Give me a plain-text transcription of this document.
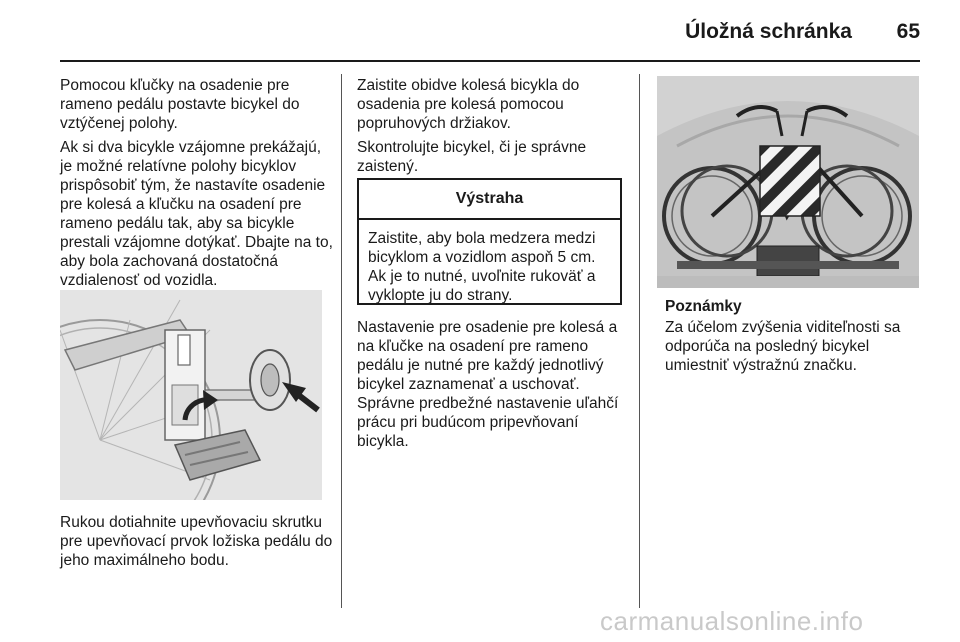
Úložná schránka 65

Pomocou kľučky na osadenie pre rameno pedálu postavte bicykel do vztýčenej polohy.

Ak si dva bicykle vzájomne prekážajú, je možné relatívne polohy bicyklov prispôsobiť tým, že nastavíte osadenie pre kolesá a kľučku na osadení pre rameno pedálu tak, aby sa bicykle prestali vzájomne dotýkať. Dbajte na to, aby bola zachovaná dostatočná vzdialenosť od vozidla.

Rukou dotiahnite upevňovaciu skrutku pre upevňovací prvok ložiska pedálu do jeho maximálneho bodu.

Zaistite obidve kolesá bicykla do osadenia pre kolesá pomocou popruhových držiakov.

Skontrolujte bicykel, či je správne zaistený.

Výstraha
Zaistite, aby bola medzera medzi bicyklom a vozidlom aspoň 5 cm. Ak je to nutné, uvoľnite rukoväť a vyklopte ju do strany.

Nastavenie pre osadenie pre kolesá a na kľučke na osadení pre rameno pedálu je nutné pre každý jednotlivý bicykel zaznamenať a uschovať. Správne predbežné nastavenie uľahčí prácu pri budúcom pripevňovaní bicykla.

Poznámky

Za účelom zvýšenia viditeľnosti sa odporúča na posledný bicykel umiestniť výstražnú značku.

carmanualsonline.info
